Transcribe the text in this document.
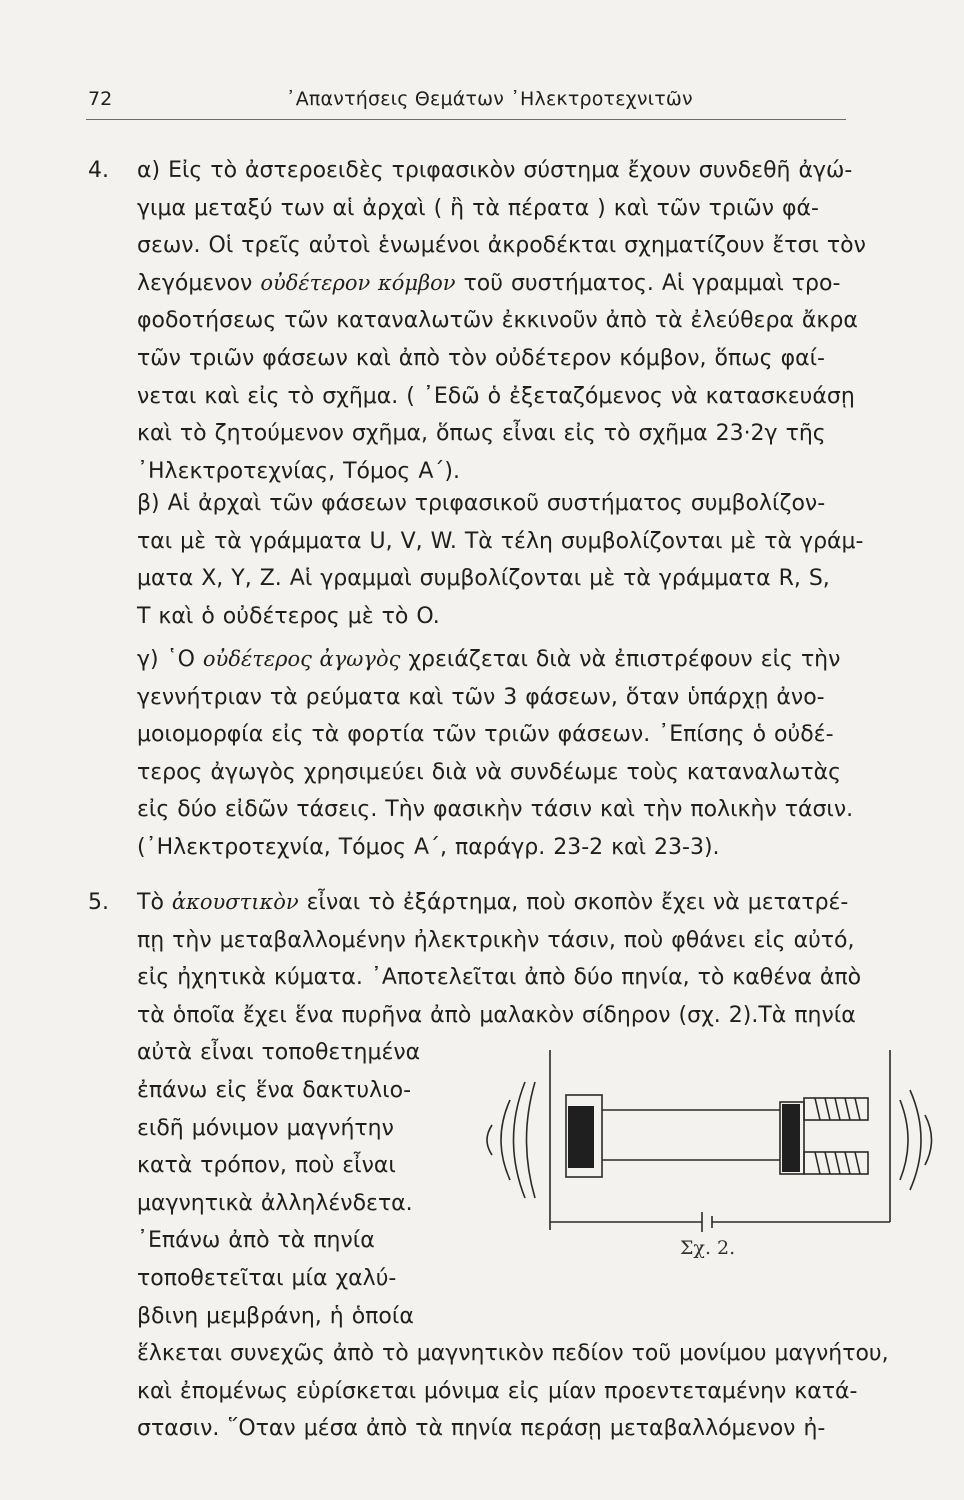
72	᾿Απαντήσεις Θεμάτων ᾿Ηλεκτροτεχνιτῶν
4. α) Εἰς τὸ ἀστεροειδὲς τριφασικὸν σύστημα ἔχουν συνδεθῆ ἀγώ-
γιμα μεταξύ των αἱ ἀρχαὶ ( ἢ τὰ πέρατα ) καὶ τῶν τριῶν φά-
σεων. Οἱ τρεῖς αὐτοὶ ἑνωμένοι ἀκροδέκται σχηματίζουν ἔτσι τὸν
λεγόμενον οὐδέτερον κόμβον τοῦ συστήματος. Αἱ γραμμαὶ τρο-
φοδοτήσεως τῶν καταναλωτῶν ἐκκινοῦν ἀπὸ τὰ ἐλεύθερα ἄκρα
τῶν τριῶν φάσεων καὶ ἀπὸ τὸν οὐδέτερον κόμβον, ὅπως φαί-
νεται καὶ εἰς τὸ σχῆμα. ( ᾿Εδῶ ὁ ἐξεταζόμενος νὰ κατασκευάσῃ
καὶ τὸ ζητούμενον σχῆμα, ὅπως εἶναι εἰς τὸ σχῆμα 23·2γ τῆς
᾿Ηλεκτροτεχνίας, Τόμος Α΄).
β) Αἱ ἀρχαὶ τῶν φάσεων τριφασικοῦ συστήματος συμβολίζον-
ται μὲ τὰ γράμματα U, V, W. Τὰ τέλη συμβολίζονται μὲ τὰ γράμ-
ματα X, Y, Z. Αἱ γραμμαὶ συμβολίζονται μὲ τὰ γράμματα R, S,
T καὶ ὁ οὐδέτερος μὲ τὸ O.
γ) ῾Ο οὐδέτερος ἀγωγὸς χρειάζεται διὰ νὰ ἐπιστρέφουν εἰς τὴν
γεννήτριαν τὰ ρεύματα καὶ τῶν 3 φάσεων, ὅταν ὑπάρχῃ ἀνο-
μοιομορφία εἰς τὰ φορτία τῶν τριῶν φάσεων. ᾿Επίσης ὁ οὐδέ-
τερος ἀγωγὸς χρησιμεύει διὰ νὰ συνδέωμε τοὺς καταναλωτὰς
εἰς δύο εἰδῶν τάσεις. Τὴν φασικὴν τάσιν καὶ τὴν πολικὴν τάσιν.
(᾿Ηλεκτροτεχνία, Τόμος Α΄, παράγρ. 23-2 καὶ 23-3).
5. Τὸ ἀκουστικὸν εἶναι τὸ ἐξάρτημα, ποὺ σκοπὸν ἔχει νὰ μετατρέ-
πῃ τὴν μεταβαλλομένην ἠλεκτρικὴν τάσιν, ποὺ φθάνει εἰς αὐτό,
εἰς ἠχητικὰ κύματα. ᾿Αποτελεῖται ἀπὸ δύο πηνία, τὸ καθένα ἀπὸ
τὰ ὁποῖα ἔχει ἕνα πυρῆνα ἀπὸ μαλακὸν σίδηρον (σχ. 2).Τὰ πηνία
αὐτὰ εἶναι τοποθετημένα
ἐπάνω εἰς ἕνα δακτυλιο-
ειδῆ μόνιμον μαγνήτην
κατὰ τρόπον, ποὺ εἶναι
μαγνητικὰ ἀλληλένδετα.
᾿Επάνω ἀπὸ τὰ πηνία
τοποθετεῖται μία χαλύ-
βδινη μεμβράνη, ἡ ὁποία
ἕλκεται συνεχῶς ἀπὸ τὸ μαγνητικὸν πεδίον τοῦ μονίμου μαγνήτου,
καὶ ἐπομένως εὑρίσκεται μόνιμα εἰς μίαν προεντεταμένην κατά-
στασιν. ῞Οταν μέσα ἀπὸ τὰ πηνία περάσῃ μεταβαλλόμενον ἠ-
Σχ. 2.
